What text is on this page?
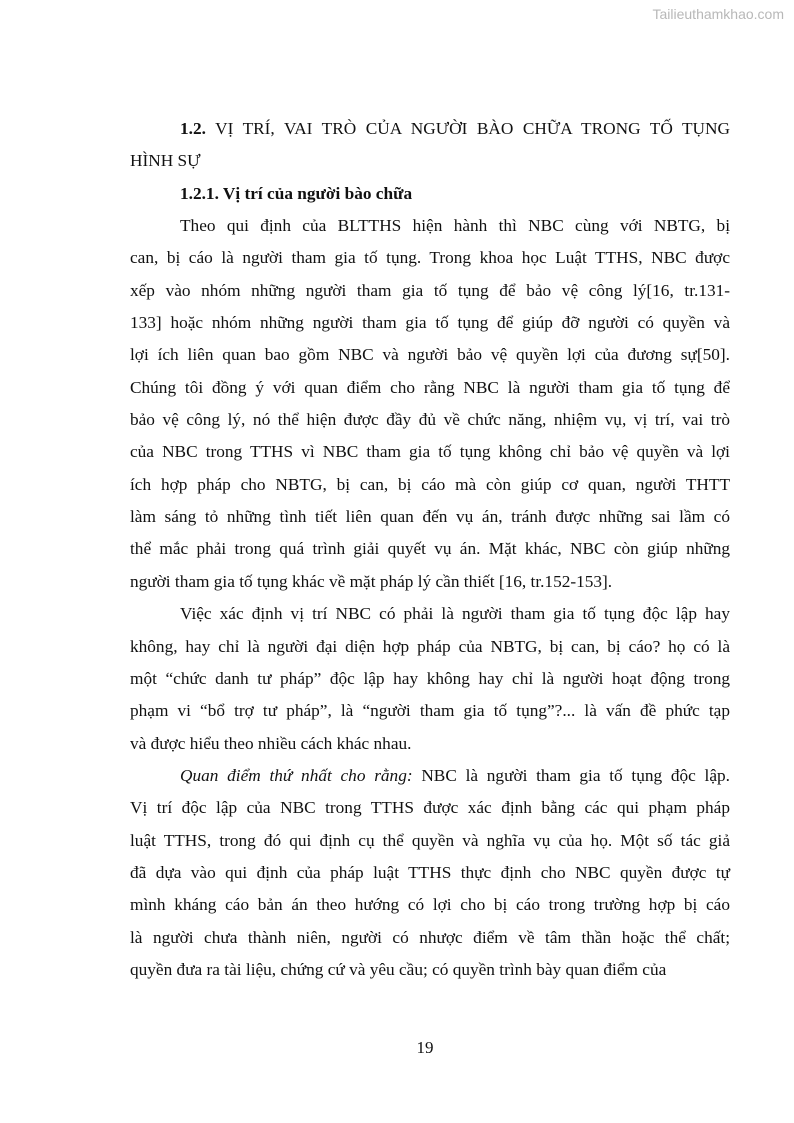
Tailieuthamkhao.com
1.2. VỊ TRÍ, VAI TRÒ CỦA NGƯỜI BÀO CHỮA TRONG TỐ TỤNG
HÌNH SỰ
1.2.1. Vị trí của người bào chữa
Theo qui định của BLTTHS hiện hành thì NBC cùng với NBTG, bị
can, bị cáo là người tham gia tố tụng. Trong khoa học Luật TTHS, NBC được
xếp vào nhóm những người tham gia tố tụng để bảo vệ công lý[16, tr.131-
133] hoặc nhóm những người tham gia tố tụng để giúp đỡ người có quyền và
lợi ích liên quan bao gồm NBC và người bảo vệ quyền lợi của đương sự[50].
Chúng tôi đồng ý với quan điểm cho rằng NBC là người tham gia tố tụng để
bảo vệ công lý, nó thể hiện được đầy đủ về chức năng, nhiệm vụ, vị trí, vai trò
của NBC trong TTHS vì NBC tham gia tố tụng không chỉ bảo vệ quyền và lợi
ích hợp pháp cho NBTG, bị can, bị cáo mà còn giúp cơ quan, người THTT
làm sáng tỏ những tình tiết liên quan đến vụ án, tránh được những sai lầm có
thể mắc phải trong quá trình giải quyết vụ án. Mặt khác, NBC còn giúp những
người tham gia tố tụng khác về mặt pháp lý cần thiết [16, tr.152-153].
Việc xác định vị trí NBC có phải là người tham gia tố tụng độc lập hay
không, hay chỉ là người đại diện hợp pháp của NBTG, bị can, bị cáo? họ có là
một “chức danh tư pháp” độc lập hay không hay chỉ là người hoạt động trong
phạm vi “bổ trợ tư pháp”, là “người tham gia tố tụng”?... là vấn đề phức tạp
và được hiểu theo nhiều cách khác nhau.
Quan điểm thứ nhất cho rằng: NBC là người tham gia tố tụng độc lập.
Vị trí độc lập của NBC trong TTHS được xác định bằng các qui phạm pháp
luật TTHS, trong đó qui định cụ thể quyền và nghĩa vụ của họ. Một số tác giả
đã dựa vào qui định của pháp luật TTHS thực định cho NBC quyền được tự
mình kháng cáo bản án theo hướng có lợi cho bị cáo trong trường hợp bị cáo
là người chưa thành niên, người có nhược điểm về tâm thần hoặc thể chất;
quyền đưa ra tài liệu, chứng cứ và yêu cầu; có quyền trình bày quan điểm của
19
